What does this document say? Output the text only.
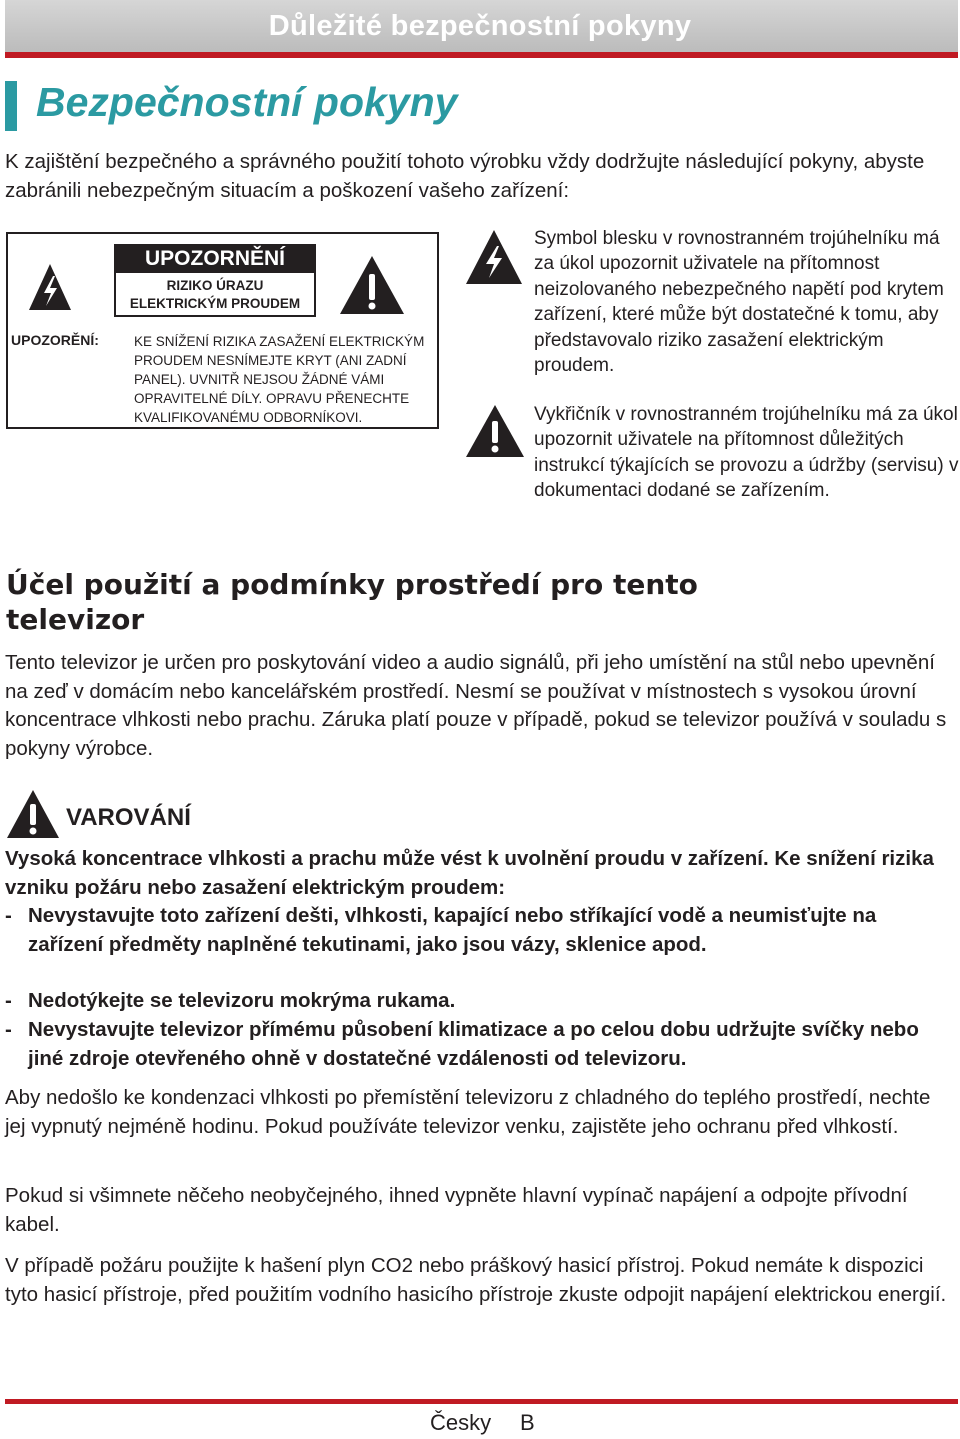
Důležité bezpečnostní pokyny
Bezpečnostní pokyny
K zajištění bezpečného a správného použití tohoto výrobku vždy dodržujte následující pokyny, abyste zabránili nebezpečným situacím a poškození vašeho zařízení:
UPOZORNĚNÍ
RIZIKO ÚRAZU
ELEKTRICKÝM PROUDEM
UPOZORĚNÍ:	KE SNÍŽENÍ RIZIKA ZASAŽENÍ ELEKTRICKÝM PROUDEM NESNÍMEJTE KRYT (ANI ZADNÍ PANEL). UVNITŘ NEJSOU ŽÁDNÉ VÁMI OPRAVITELNÉ DÍLY. OPRAVU PŘENECHTE KVALIFIKOVANÉMU ODBORNÍKOVI.
Symbol blesku v rovnostranném trojúhelníku má za úkol upozornit uživatele na přítomnost neizolovaného nebezpečného napětí pod krytem zařízení, které může být dostatečné k tomu, aby představovalo riziko zasažení elektrickým proudem.
Vykřičník v rovnostranném trojúhelníku má za úkol upozornit uživatele na přítomnost důležitých instrukcí týkajících se provozu a údržby (servisu) v dokumentaci dodané se zařízením.
Účel použití a podmínky prostředí pro tento televizor
Tento televizor je určen pro poskytování video a audio signálů, při jeho umístění na stůl nebo upevnění na zeď v domácím nebo kancelářském prostředí. Nesmí se používat v místnostech s vysokou úrovní koncentrace vlhkosti nebo prachu. Záruka platí pouze v případě, pokud se televizor používá v souladu s pokyny výrobce.
VAROVÁNÍ
Vysoká koncentrace vlhkosti a prachu může vést k uvolnění proudu v zařízení. Ke snížení rizika vzniku požáru nebo zasažení elektrickým proudem:
- Nevystavujte toto zařízení dešti, vlhkosti, kapající nebo stříkající vodě a neumisťujte na zařízení předměty naplněné tekutinami, jako jsou vázy, sklenice apod.
- Nedotýkejte se televizoru mokrýma rukama.
- Nevystavujte televizor přímému působení klimatizace a po celou dobu udržujte svíčky nebo jiné zdroje otevřeného ohně v dostatečné vzdálenosti od televizoru.
Aby nedošlo ke kondenzaci vlhkosti po přemístění televizoru z chladného do teplého prostředí, nechte jej vypnutý nejméně hodinu. Pokud používáte televizor venku, zajistěte jeho ochranu před vlhkostí.
Pokud si všimnete něčeho neobyčejného, ihned vypněte hlavní vypínač napájení a odpojte přívodní kabel.
V případě požáru použijte k hašení plyn CO2 nebo práškový hasicí přístroj. Pokud nemáte k dispozici tyto hasicí přístroje, před použitím vodního hasicího přístroje zkuste odpojit napájení elektrickou energií.
Česky B
